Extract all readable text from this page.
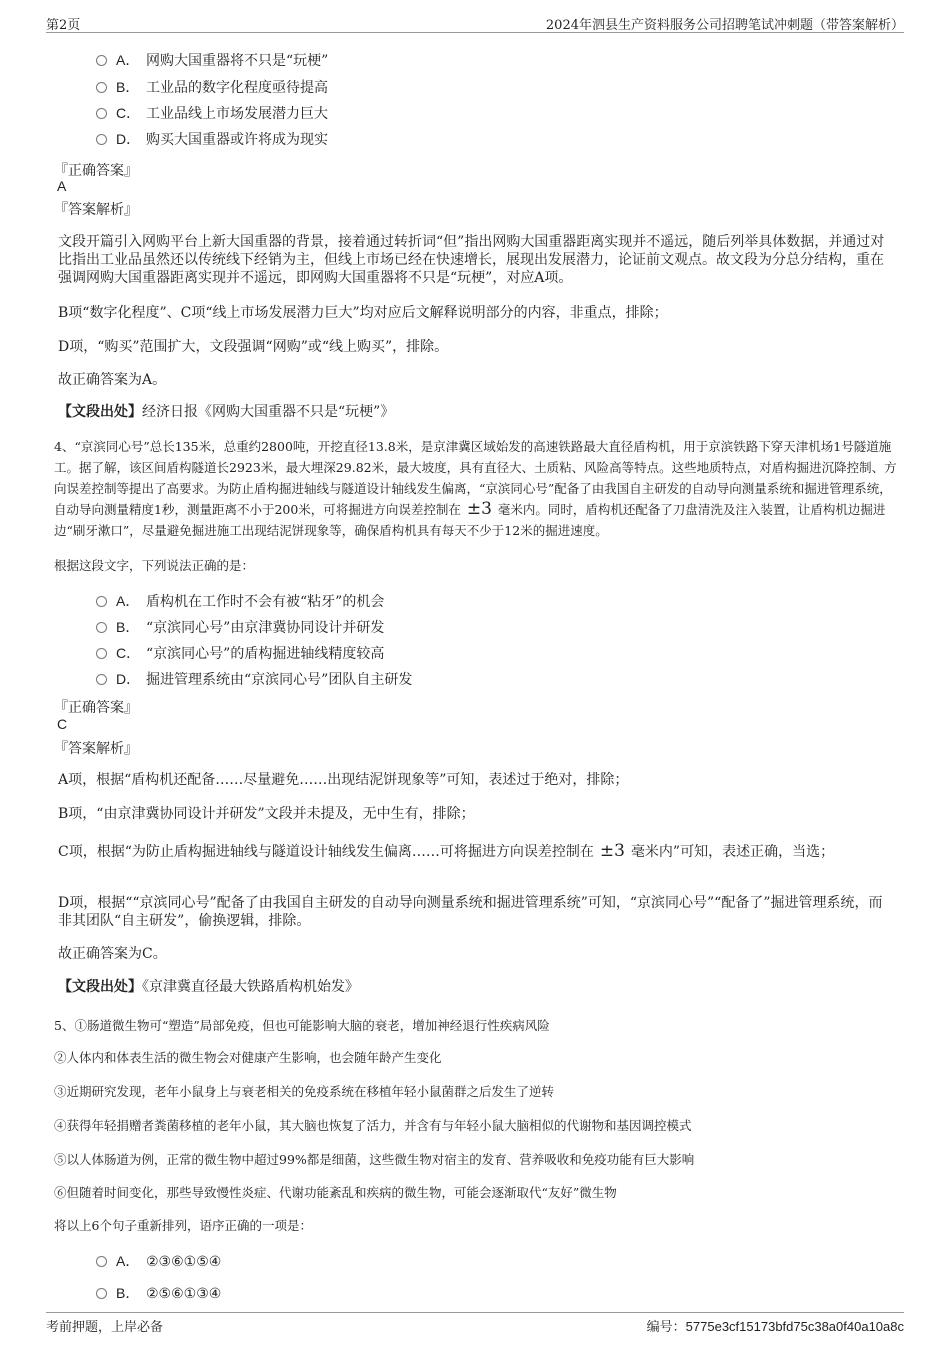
第2页	2024年泗县生产资料服务公司招聘笔试冲刺题（带答案解析）
A． 网购大国重器将不只是“玩梗”
B． 工业品的数字化程度亟待提高
C． 工业品线上市场发展潜力巨大
D． 购买大国重器或许将成为现实
『正确答案』
A
『答案解析』
文段开篇引入网购平台上新大国重器的背景，接着通过转折词“但”指出网购大国重器距离实现并不遥远，随后列举具体数据，并通过对比指出工业品虽然还以传统线下经销为主，但线上市场已经在快速增长，展现出发展潜力，论证前文观点。故文段为分总分结构，重在强调网购大国重器距离实现并不遥远，即网购大国重器将不只是“玩梗”，对应A项。
B项“数字化程度”、C项“线上市场发展潜力巨大”均对应后文解释说明部分的内容，非重点，排除；
D项，“购买”范围扩大，文段强调“网购”或“线上购买”，排除。
故正确答案为A。
【文段出处】经济日报《网购大国重器不只是“玩梗”》
4、“京滨同心号”总长135米，总重约2800吨，开挖直径13.8米，是京津冀区域始发的高速铁路最大直径盾构机，用于京滨铁路下穿天津机场1号隧道施工。据了解，该区间盾构隧道长2923米，最大埋深29.82米，最大坡度，具有直径大、土质粘、风险高等特点。这些地质特点，对盾构掘进沉降控制、方向误差控制等提出了高要求。为防止盾构掘进轴线与隧道设计轴线发生偏离，“京滨同心号”配备了由我国自主研发的自动导向测量系统和掘进管理系统，自动导向测量精度1秒，测量距离不小于200米，可将掘进方向误差控制在 ±3 毫米内。同时，盾构机还配备了刀盘清洗及注入装置，让盾构机边掘进边“刷牙漱口”，尽量避免掘进施工出现结泥饼现象等，确保盾构机具有每天不少于12米的掘进速度。
根据这段文字，下列说法正确的是：
A． 盾构机在工作时不会有被“粘牙”的机会
B． “京滨同心号”由京津冀协同设计并研发
C． “京滨同心号”的盾构掘进轴线精度较高
D． 掘进管理系统由“京滨同心号”团队自主研发
『正确答案』
C
『答案解析』
A项，根据“盾构机还配备……尽量避免……出现结泥饼现象等”可知，表述过于绝对，排除；
B项，“由京津冀协同设计并研发”文段并未提及，无中生有，排除；
C项，根据“为防止盾构掘进轴线与隧道设计轴线发生偏离……可将掘进方向误差控制在 ±3 毫米内”可知，表述正确，当选；
D项，根据““京滨同心号”配备了由我国自主研发的自动导向测量系统和掘进管理系统”可知，“京滨同心号”“配备了”掘进管理系统，而非其团队“自主研发”，偷换逻辑，排除。
故正确答案为C。
【文段出处】《京津冀直径最大铁路盾构机始发》
5、①肠道微生物可“塑造”局部免疫，但也可能影响大脑的衰老，增加神经退行性疾病风险
②人体内和体表生活的微生物会对健康产生影响，也会随年龄产生变化
③近期研究发现，老年小鼠身上与衰老相关的免疫系统在移植年轻小鼠菌群之后发生了逆转
④获得年轻捐赠者粪菌移植的老年小鼠，其大脑也恢复了活力，并含有与年轻小鼠大脑相似的代谢物和基因调控模式
⑤以人体肠道为例，正常的微生物中超过99%都是细菌，这些微生物对宿主的发育、营养吸收和免疫功能有巨大影响
⑥但随着时间变化，那些导致慢性炎症、代谢功能紊乱和疾病的微生物，可能会逐渐取代“友好”微生物
将以上6个句子重新排列，语序正确的一项是：
A． ②③⑥①⑤④
B． ②⑤⑥①③④
考前押题，上岸必备	编号：5775e3cf15173bfd75c38a0f40a10a8c
